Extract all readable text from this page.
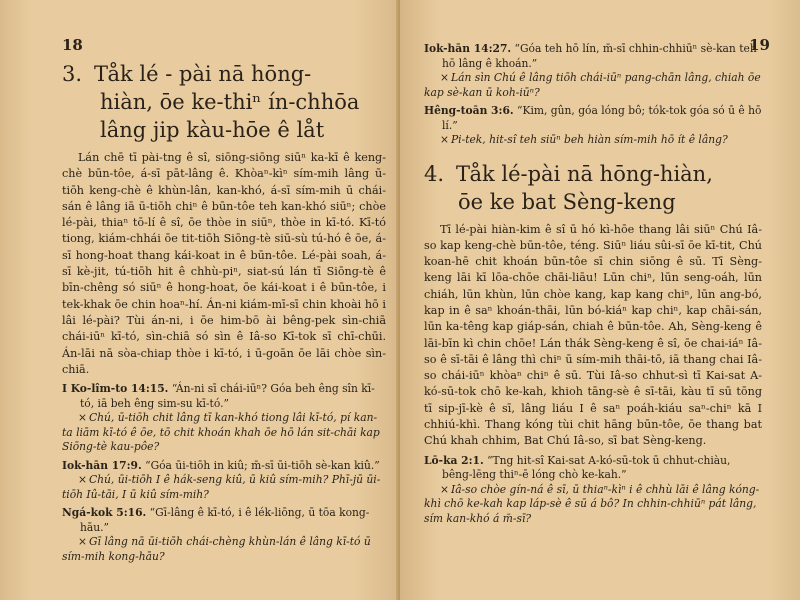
18
3. Tåk lé - pài nā hōng-
hiàn, ōe ke-thiⁿ ín-chhōa
lâng jip kàu-hōe ê låt

Lán chē tī pài-tng ê sî, siōng-siōng siūⁿ ka-kī ê keng-chè būn-tôe, á-sī pāt-lâng ê. Khòaⁿ-kìⁿ sím-mih lâng ū-tiōh keng-chè ê khùn-lân, kan-khó, á-sī sím-mih ū chái-sán ê lâng iā ū-tiōh chiⁿ ê būn-tôe teh kan-khó siūⁿ; chòe lé-pài, thiaⁿ tō-lí ê sî, ōe thòe in siūⁿ, thòe in kī-tó. Kī-tó tiong, kiám-chhái ōe tit-tiōh Siōng-tè siū-sù tú-hó ê ōe, á-sī hong-hoat thang kái-koat in ê būn-tôe. Lé-pài soah, á-sī kè-jit, tú-tiōh hit ê chhù-piⁿ, siat-sú lán tī Siōng-tè ê bīn-chêng só siūⁿ ê hong-hoat, ōe kái-koat i ê būn-tôe, i tek-khak ōe chin hoaⁿ-hí. Án-ni kiám-mī-sī chin khoài hō i lâi lé-pài? Tùi án-ni, i ōe him-bō ài bêng-pek sìn-chiā chái-iūⁿ kī-tó, sìn-chiā só sìn ê Iâ-so Kī-tok sī chī-chūi. Án-lāi nā sòa-chiap thòe i kī-tó, i ū-goān ōe lāi chòe sìn-chiā.

I Ko-lîm-to 14:15. “Án-ni sī chái-iūⁿ? Góa beh êng sîn kī-tó, iā beh êng sim-su kī-tó.”

× Chú, ū-tiōh chit lâng tī kan-khó tiong lâi kī-tó, pí kan-ta liām kī-tó ê ōe, tō chit khoán khah ōe hō lán sit-chāi kap Siōng-tè kau-pôe?

Iok-hān 17:9. “Góa ūi-tiōh in kiû; m̄-sī ūi-tiōh sè-kan kiû.”

× Chú, ūi-tiōh I ê hák-seng kiû, ū kiû sím-mih? Phī-jū ūi-tiōh Iû-tāi, I ū kiû sím-mih?

Ngá-kok 5:16. “Gī-lâng ê kī-tó, i ê lék-liōng, ū tōa kong-hāu.”

× Gī lâng nā ūi-tiōh chái-chèng khùn-lán ê lâng kī-tó ū sím-mih kong-hāu?

19

Iok-hān 14:27. “Góa teh hō lín, m̄-sī chhin-chhiūⁿ sè-kan teh hō lâng ê khoán.”

× Lán sìn Chú ê lâng tiōh chái-iūⁿ pang-chān lâng, chiah ōe kap sè-kan ū koh-iūⁿ?

Hêng-toān 3:6. “Kim, gûn, góa lóng bô; tók-tok góa só ū ê hō lí.”

× Pi-tek, hit-sî teh siūⁿ beh hiàn sím-mih hō ít ê lâng?

4. Tåk lé-pài nā hōng-hiàn,
ōe ke bat Sèng-keng

Tī lé-pài hiàn-kim ê sî ū hó kì-hōe thang lâi siūⁿ Chú Iâ-so kap keng-chè būn-tôe, téng. Siūⁿ liáu sûi-sī ōe kī-tit, Chú koan-hē chit khoán būn-tôe sī chin siōng ê sū. Tī Sèng-keng lāi kī lōa-chōe chāi-liāu! Lūn chiⁿ, lūn seng-oáh, lūn chiáh, lūn khùn, lūn chòe kang, kap kang chiⁿ, lūn ang-bó, kap in ê saⁿ khoán-thāi, lūn bó-kiáⁿ kap chiⁿ, kap chāi-sán, lūn ka-têng kap giáp-sán, chiah ê būn-tôe. Ah, Sèng-keng ê lāi-bīn kì chin chōe! Lán thák Sèng-keng ê sî, ōe chai-iáⁿ Iâ-so ê sī-tāi ê lâng thì chiⁿ ū sím-mih thāi-tō, iā thang chai Iâ-so chái-iūⁿ khòaⁿ chiⁿ ê sū. Tùi Iâ-so chhut-sì tī Kai-sat A-kó-sū-tok chō ke-kah, khioh tāng-sè ê sī-tāi, kàu tī sū tōng tī sip-jī-kè ê sī, lâng liáu I ê saⁿ poáh-kiáu saⁿ-chiⁿ kā I chhiú-khì. Thang kóng tùi chit hāng būn-tôe, ōe thang bat Chú khah chhim, Bat Chú Iâ-so, sī bat Sèng-keng.

Lō-ka 2:1. “Tng hit-sî Kai-sat A-kó-sū-tok ū chhut-chiàu, bêng-lēng thiⁿ-ē lóng chò ke-kah.”

× Iâ-so chòe gín-ná ê sī, ū thiaⁿ-kìⁿ i ê chhù lāi ê lâng kóng-khì chō ke-kah kap láp-sè ê sū á bô? In chhin-chhiūⁿ pát lâng, sím kan-khó á m̄-sī?
